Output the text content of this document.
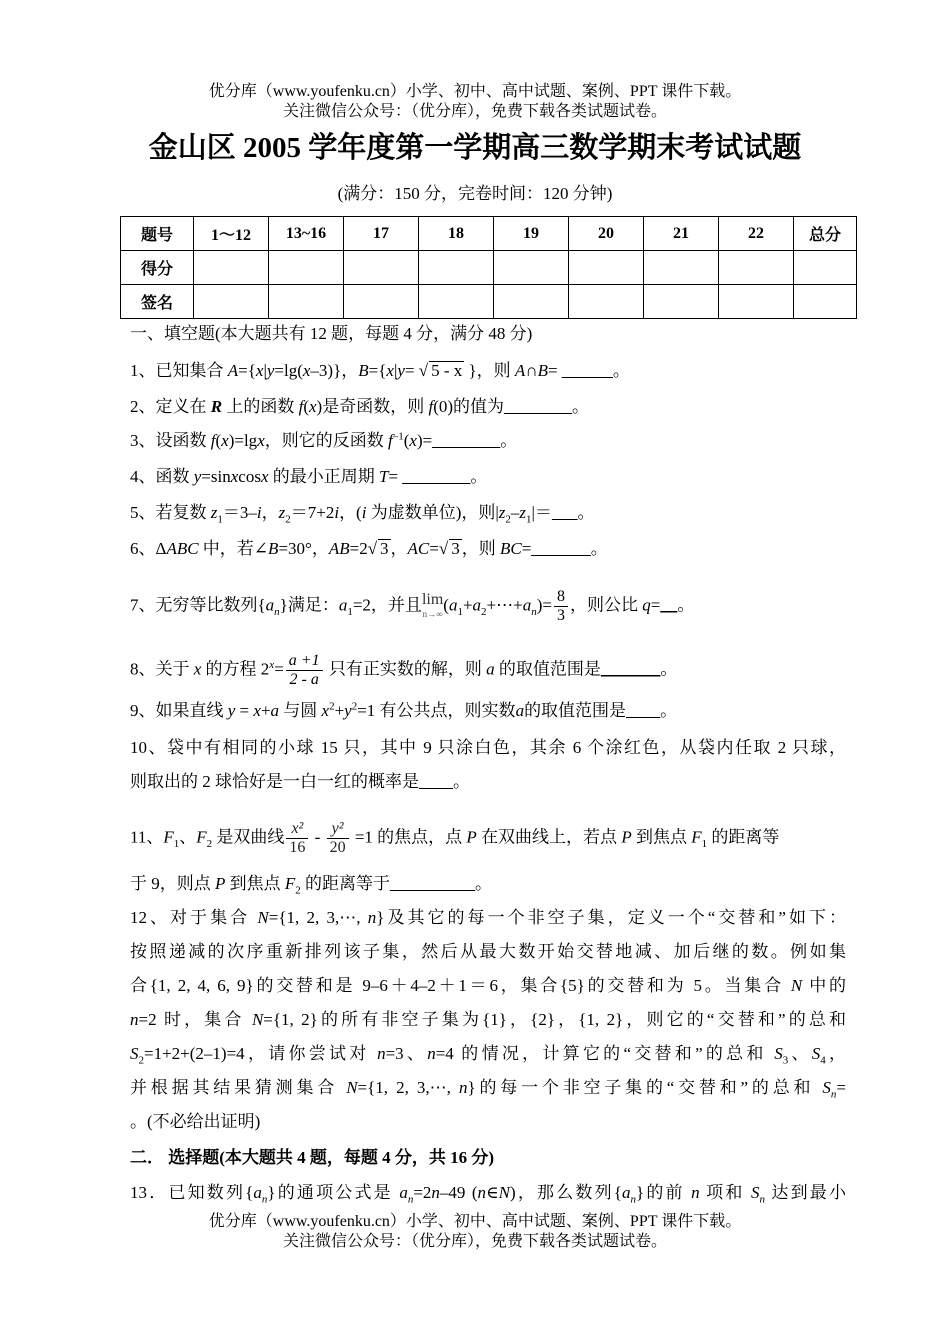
优分库（www.youfenku.cn）小学、初中、高中试题、案例、PPT 课件下载。
关注微信公众号：（优分库），免费下载各类试题试卷。
金山区 2005 学年度第一学期高三数学期末考试试题
(满分：150 分，完卷时间：120 分钟)
题号	1～12	13~16	17	18	19	20	21	22	总分
得分									
签名									
一、填空题(本大题共有 12 题，每题 4 分，满分 48 分)
1、已知集合 A={x|y=lg(x–3)}，B={x|y= √ 5 - x }，则 A∩B= ______。
2、定义在 R 上的函数 f(x)是奇函数，则 f(0)的值为________。
3、设函数 f(x)=lgx，则它的反函数 $f^{-1}(x)=\_\_\_\_\_\_\_\_$。
4、函数 y=sinxcosx 的最小正周期 T= ________。
5、若复数 $z_1=3-i$，$z_2=7+2i$，(i 为虚数单位)，则$|z_2-z_1|=\_\_\_$。
6、ΔABC 中，若∠B=30°，AB=2√ 3 ，AC=√ 3 ，则 BC=_______。
7、无穷等比数列$\{a_n\}$满足：$a_1=2$，并且 lim
n→∞ $(a_1+a_2+\cdots+a_n)= \frac{8}{3}$ ，则公比 q=__。
8、关于 x 的方程 $2^x= \frac{a +1}{2 - a}$ 只有正实数的解，则 a 的取值范围是_______。
9、如果直线 y = x+a 与圆 $x^2+y^2=1$ 有公共点，则实数a的取值范围是____。
10、袋中有相同的小球 15 只，其中 9 只涂白色，其余 6 个涂红色，从袋内任取 2 只球，
则取出的 2 球恰好是一白一红的概率是____。
11、$F_1$、$F_2$ 是双曲线 $\frac{\text{x²}}{16} - \frac{\text{y²}}{20} =1$ 的焦点，点 P 在双曲线上，若点 P 到焦点 $F_1$ 的距离等
于 9，则点 P 到焦点 $F_2$ 的距离等于__________。
12、对于集合 N={1, 2, 3,⋯, n}及其它的每一个非空子集，定义一个“交替和”如下：
按照递减的次序重新排列该子集，然后从最大数开始交替地减、加后继的数。例如集
合{1, 2, 4, 6, 9}的交替和是 9–6＋4–2＋1＝6，集合{5}的交替和为 5。当集合 N 中的
n=2 时，集合 N={1, 2}的所有非空子集为{1}，{2}，{1, 2}，则它的“交替和”的总和
$S_2=1+2+(2-1)=4$，请你尝试对 n=3、n=4 的情况，计算它的“交替和”的总和 $S_3$、$S_4$，
并根据其结果猜测集合 N={1, 2, 3,⋯, n}的每一个非空子集的“交替和”的总和 $S_n=$
。(不必给出证明)
二． 选择题(本大题共 4 题，每题 4 分，共 16 分)
13．已知数列$\{a_n\}$的通项公式是 $a_n=2n-49$ (n∈N)，那么数列$\{a_n\}$的前 n 项和 $S_n$ 达到最小
优分库（www.youfenku.cn）小学、初中、高中试题、案例、PPT 课件下载。
关注微信公众号：（优分库），免费下载各类试题试卷。
